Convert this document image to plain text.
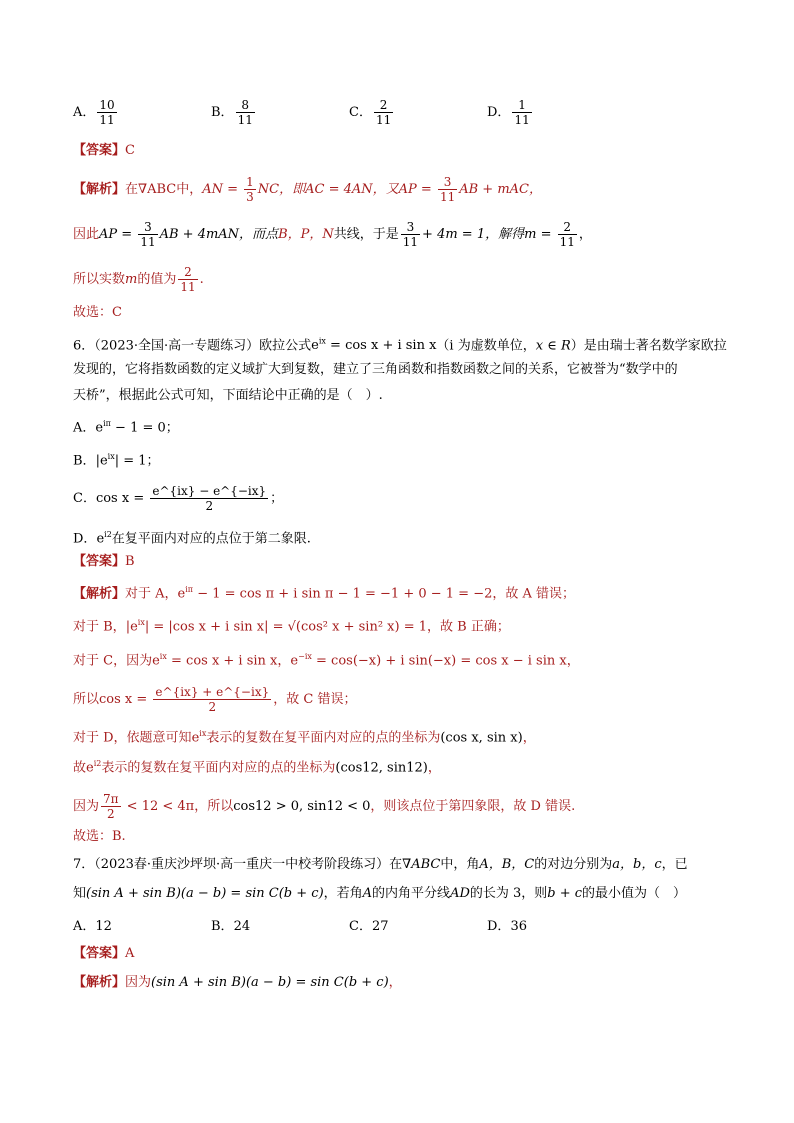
A． $\frac{10}{11}$	B． $\frac{8}{11}$	C． $\frac{2}{11}$	D． $\frac{1}{11}$
【答案】C
【解析】在∇ABC中，AN = $\frac{1}{3}$ NC，即AC = 4AN，又AP = $\frac{3}{11}$ AB + mAC，
因此AP = $\frac{3}{11}$ AB + 4mAN，而点B，P，N共线，于是 $\frac{3}{11} + 4m = 1$，解得$m = \frac{2}{11}$ ，
所以实数m的值为 $\frac{2}{11}$ .
故选：C
6．（2023·全国·高一专题练习）欧拉公式$e^{ix} = \cos x + i$ sin x（i 为虚数单位，x ∈ R）是由瑞士著名数学家欧拉
发现的，它将指数函数的定义域扩大到复数，建立了三角函数和指数函数之间的关系，它被誉为“数学中的
天桥”，根据此公式可知，下面结论中正确的是（　）.
A．$e^{i\pi} - 1 = 0$；
B．$|e^{ix}| = 1$；
C．$\cos x = \frac{e\^{}\{ix\} - e\^{}\{-ix\}}{2}$ ；
D．$e^{i2}$在复平面内对应的点位于第二象限.
【答案】B
【解析】对于 A，$e^{i\pi} - 1 = \cos \pi + i$ sin π − 1 = −1 + 0 − 1 = −2，故 A 错误；
对于 B，$|e^{ix}| = |\cos$ x + i sin x| = √(cos² x + sin² x) = 1，故 B 正确；
对于 C，因为$e^{ix} = \cos x + i$ sin x，$e^{-ix} = \cos(-x) + i$ sin(−x) = cos x − i sin x，
所以$\cos x = \frac{e\^{}\{ix\} + e\^{}\{-ix\}}{2}$ ，故 C 错误；
对于 D，依题意可知$e^{ix}$表示的复数在复平面内对应的点的坐标为(cos x, sin x)，
故$e^{i2}$表示的复数在复平面内对应的点的坐标为(cos12, sin12)，
因为 $\frac{7\pi}{2} < 12 < 4\pi$，所以cos12 > 0, sin12 < 0，则该点位于第四象限，故 D 错误.
故选：B.
7．（2023春·重庆沙坪坝·高一重庆一中校考阶段练习）在∇ABC中，角A，B，C的对边分别为a，b，c，已
知(sin A + sin B)(a − b) = sin C(b + c)，若角A的内角平分线AD的长为 3，则b + c的最小值为（　）
A．12	B．24	C．27	D．36
【答案】A
【解析】因为(sin A + sin B)(a − b) = sin C(b + c)，
